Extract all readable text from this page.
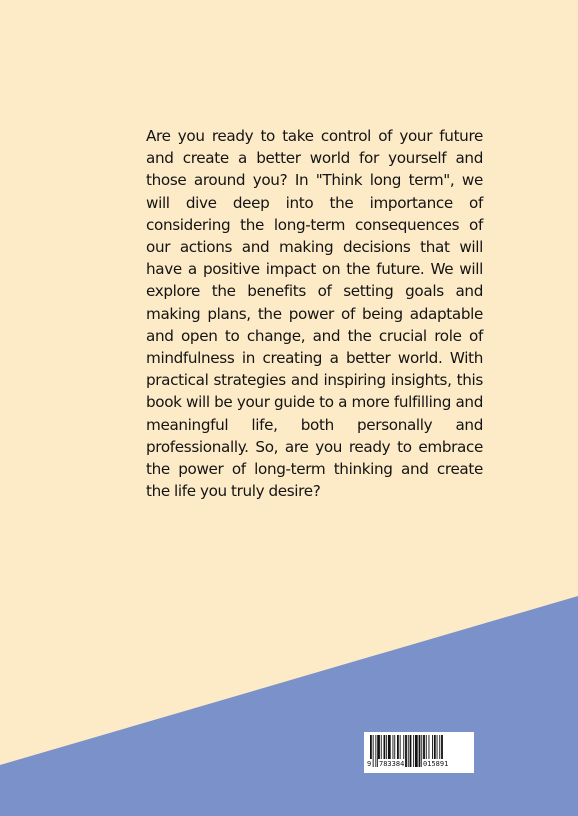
Are you ready to take control of your future and create a better world for yourself and those around you? In "Think long term", we will dive deep into the importance of considering the long-term consequences of our actions and making decisions that will have a positive impact on the future. We will explore the benefits of setting goals and making plans, the power of being adaptable and open to change, and the crucial role of mindfulness in creating a better world. With practical strategies and inspiring insights, this book will be your guide to a more fulfilling and meaningful life, both personally and professionally. So, are you ready to embrace the power of long-term thinking and create the life you truly desire?

9 783384	015891
